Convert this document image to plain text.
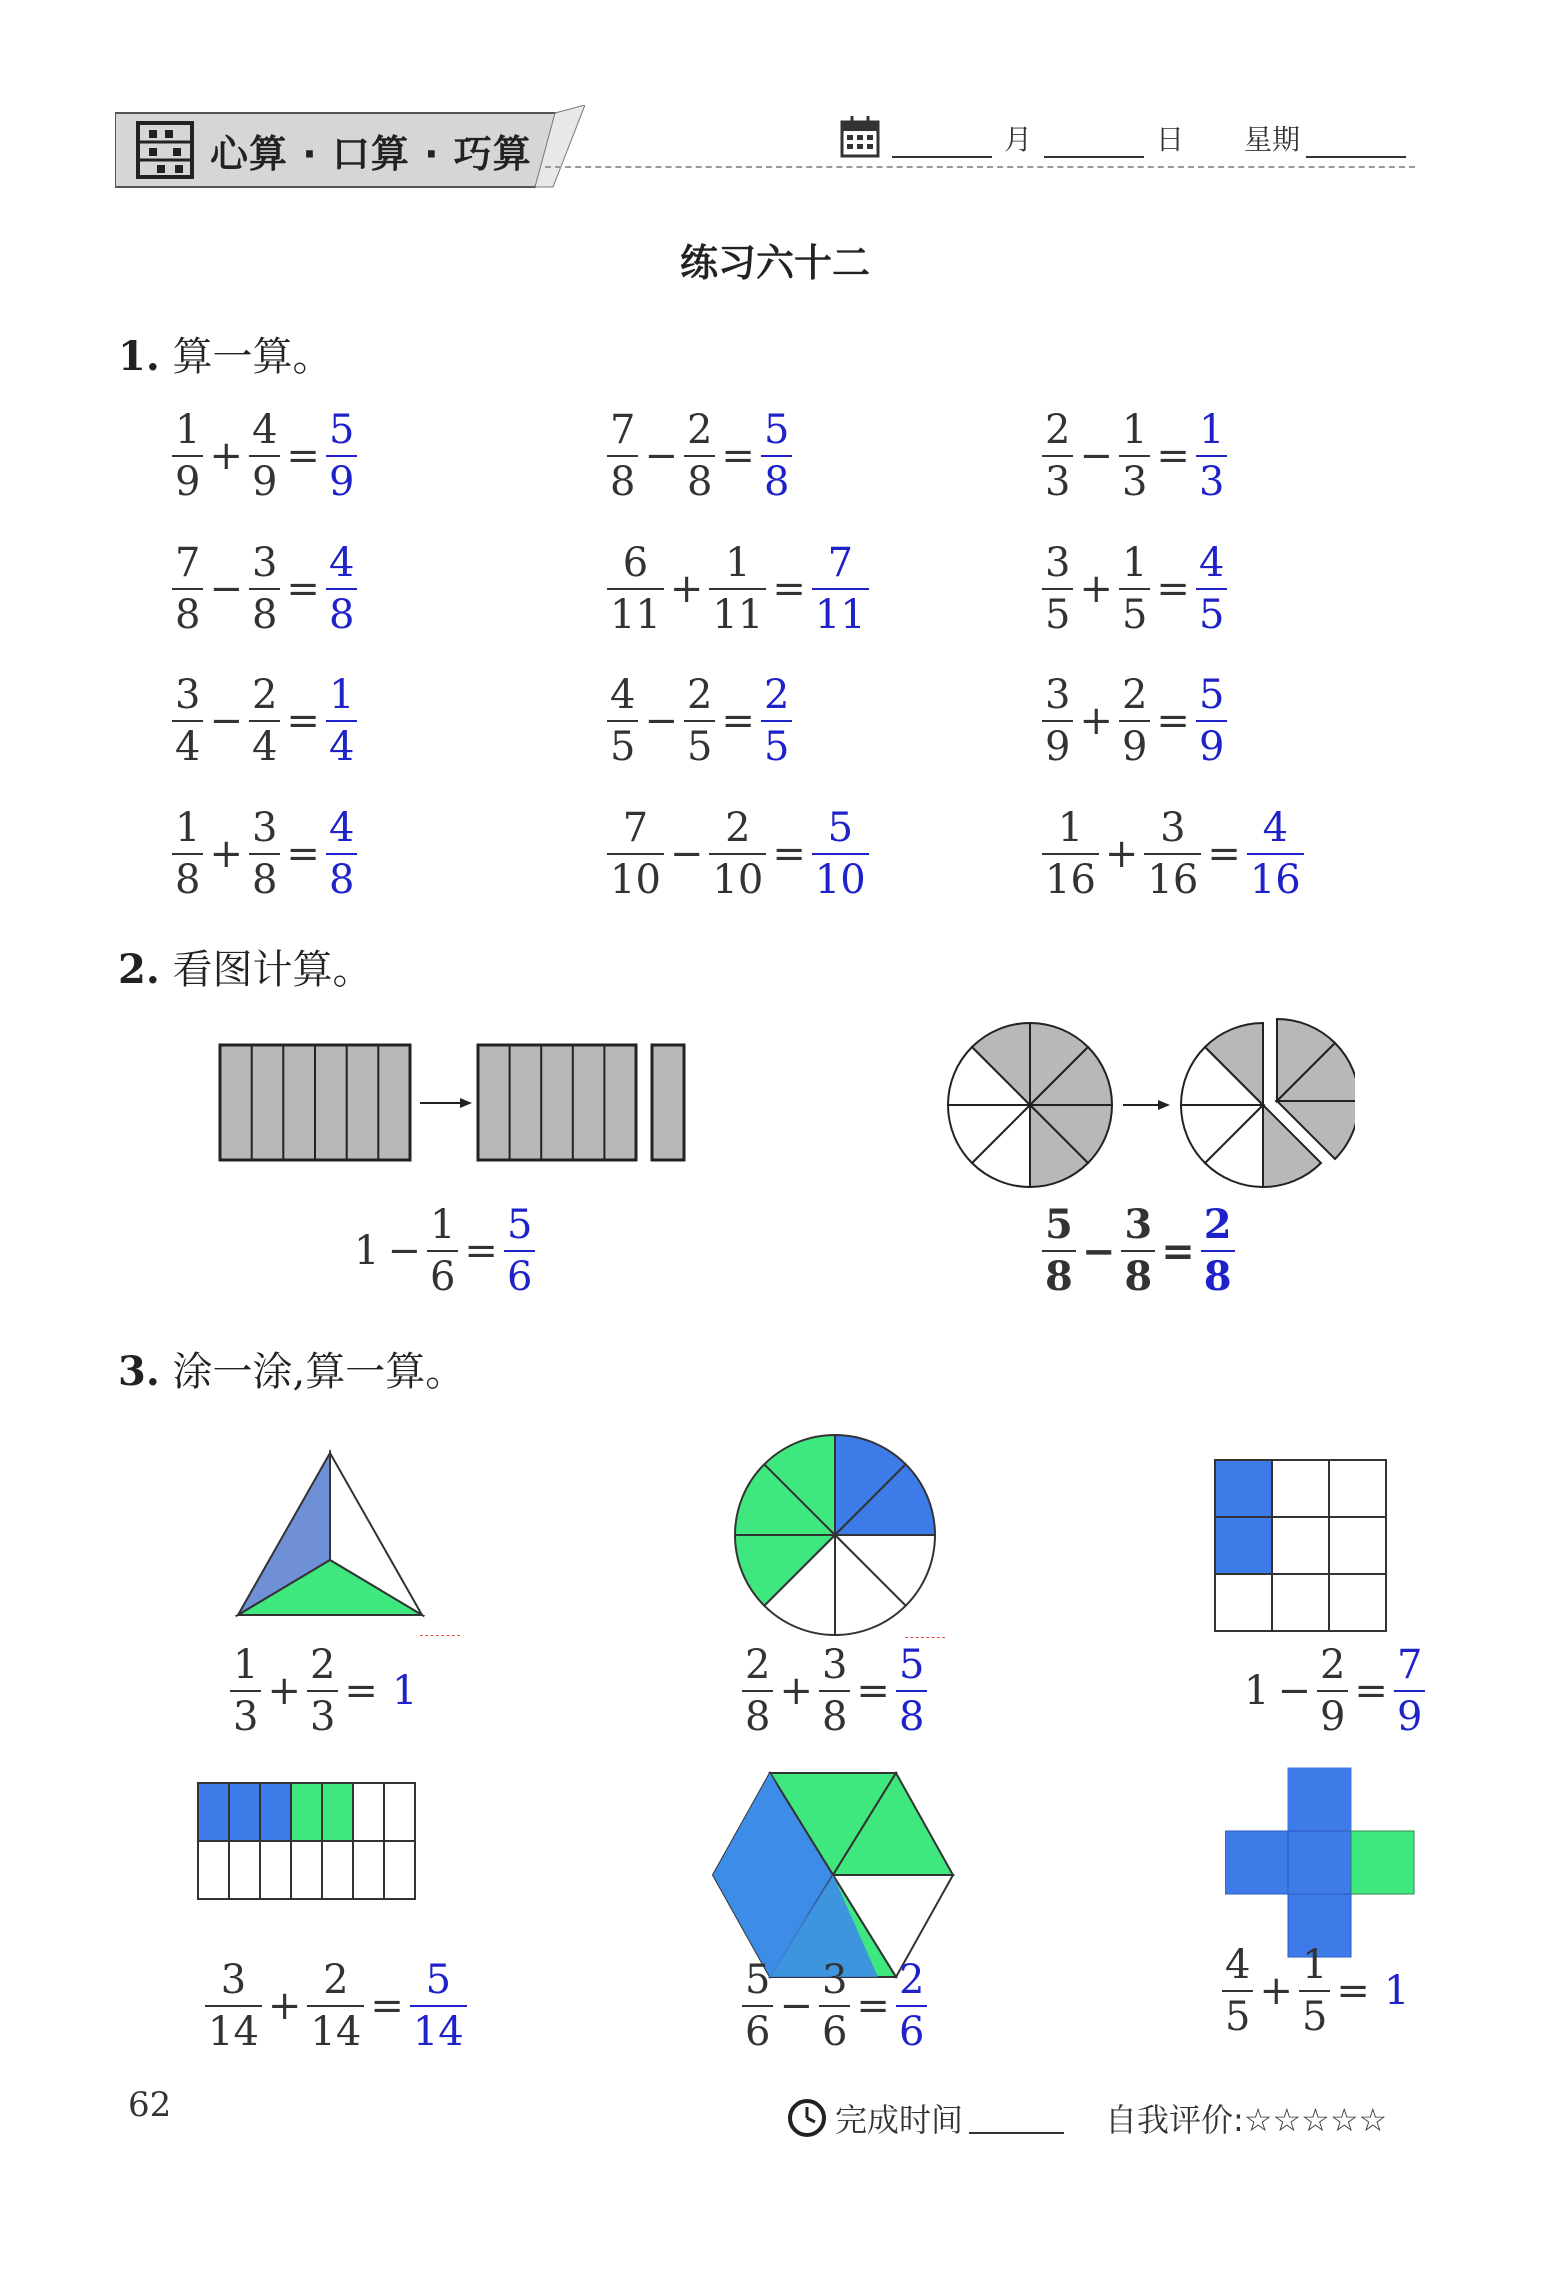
心算 · 口算 · 巧算	月	日 星期
练习六十二
1. 算一算。
1
9
+
4
9
=
5
9
7
8
−
2
8
=
5
8
2
3
−
1
3
=
1
3
7
8
−
3
8
=
4
8
6
11
+
1
11
=
7
11
3
5
+
1
5
=
4
5
3
4
−
2
4
=
1
4
4
5
−
2
5
=
2
5
3
9
+
2
9
=
5
9
1
8
+
3
8
=
4
8
7
10
−
2
10
=
5
10
1
16
+
3
16
=
4
16
2. 看图计算。
1 −
1
6
=
5
6
5
8
−
3
8
=
2
8
3. 涂一涂,算一算。
1
3
+
2
3
= 1
2
8
+
3
8
=
5
8
1 −
2
9
=
7
9
3
14
+
2
14
=
5
14
5
6
−
3
6
=
2
6
4
5
+
1
5
= 1
62	完成时间	自我评价:☆☆☆☆☆
